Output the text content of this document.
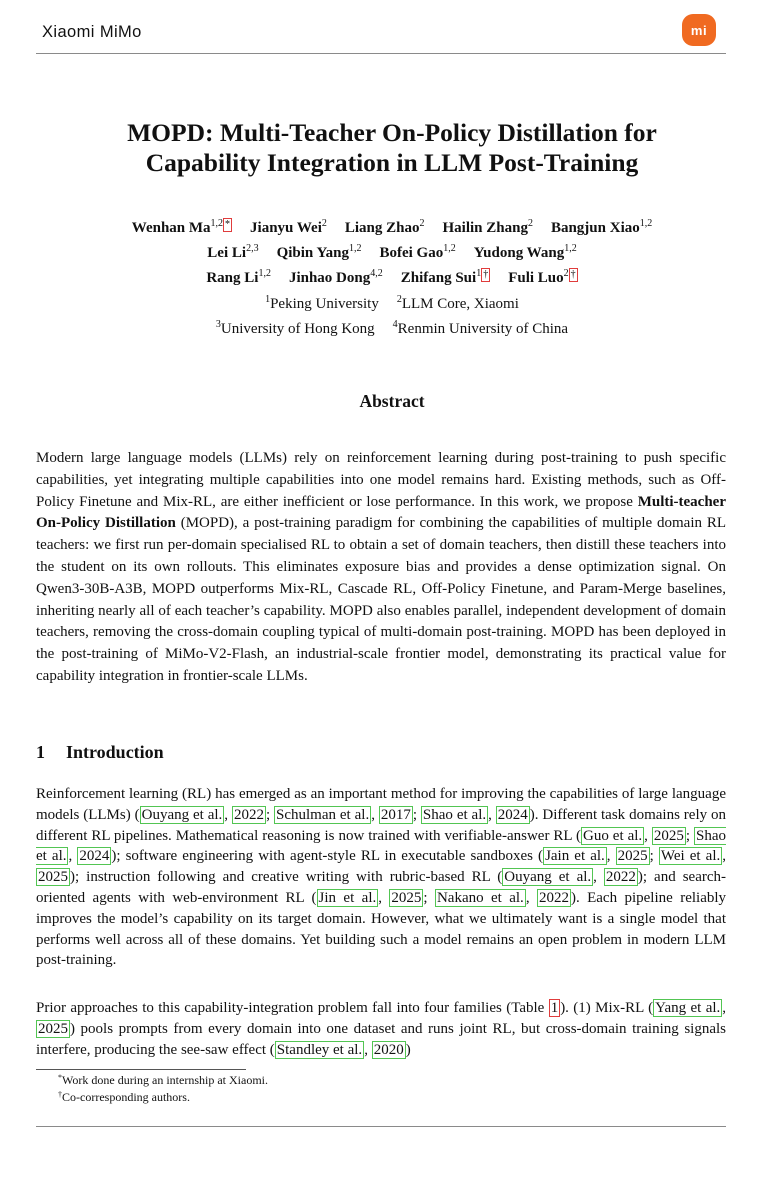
Xiaomi MiMo	mi
MOPD: Multi-Teacher On-Policy Distillation for
Capability Integration in LLM Post-Training
Wenhan Ma$^{1,2}$ * Jianyu Wei$^2$ Liang Zhao$^2$ Hailin Zhang$^2$ Bangjun Xiao$^{1,2}$
Lei Li$^{2,3}$ Qibin Yang$^{1,2}$ Bofei Gao$^{1,2}$ Yudong Wang$^{1,2}$
Rang Li$^{1,2}$ Jinhao Dong$^{4,2}$ Zhifang Sui$^1$ † Fuli Luo$^2$ †
$^1$Peking University $^2$LLM Core, Xiaomi
$^3$University of Hong Kong $^4$Renmin University of China
Abstract

Modern large language models (LLMs) rely on reinforcement learning during post-training to push specific capabilities, yet integrating multiple capabilities into one model remains hard. Existing methods, such as Off-Policy Finetune and Mix-RL, are either inefficient or lose performance. In this work, we propose Multi-teacher On-Policy Distillation (MOPD), a post-training paradigm for combining the capabilities of multiple domain RL teachers: we first run per-domain specialised RL to obtain a set of domain teachers, then distill these teachers into the student on its own rollouts. This eliminates exposure bias and provides a dense optimization signal. On Qwen3-30B-A3B, MOPD outperforms Mix-RL, Cascade RL, Off-Policy Finetune, and Param-Merge baselines, inheriting nearly all of each teacher’s capability. MOPD also enables parallel, independent development of domain teachers, removing the cross-domain coupling typical of multi-domain post-training. MOPD has been deployed in the post-training of MiMo-V2-Flash, an industrial-scale frontier model, demonstrating its practical value for capability integration in frontier-scale LLMs.

1 Introduction

Reinforcement learning (RL) has emerged as an important method for improving the capabilities of large language models (LLMs) ( Ouyang et al. , 2022 ; Schulman et al. , 2017 ; Shao et al. , 2024 ). Different task domains rely on different RL pipelines. Mathematical reasoning is now trained with verifiable-answer RL ( Guo et al. , 2025 ; Shao et al. , 2024 ); software engineering with agent-style RL in executable sandboxes ( Jain et al. , 2025 ; Wei et al. , 2025 ); instruction following and creative writing with rubric-based RL ( Ouyang et al. , 2022 ); and search-oriented agents with web-environment RL ( Jin et al. , 2025 ; Nakano et al. , 2022 ). Each pipeline reliably improves the model’s capability on its target domain. However, what we ultimately want is a single model that performs well across all of these domains. Yet building such a model remains an open problem in modern LLM post-training.

Prior approaches to this capability-integration problem fall into four families (Table 1 ). (1) Mix-RL ( Yang et al. , 2025 ) pools prompts from every domain into one dataset and runs joint RL, but cross-domain training signals interfere, producing the see-saw effect ( Standley et al. , 2020 )

*Work done during an internship at Xiaomi.
†Co-corresponding authors.
